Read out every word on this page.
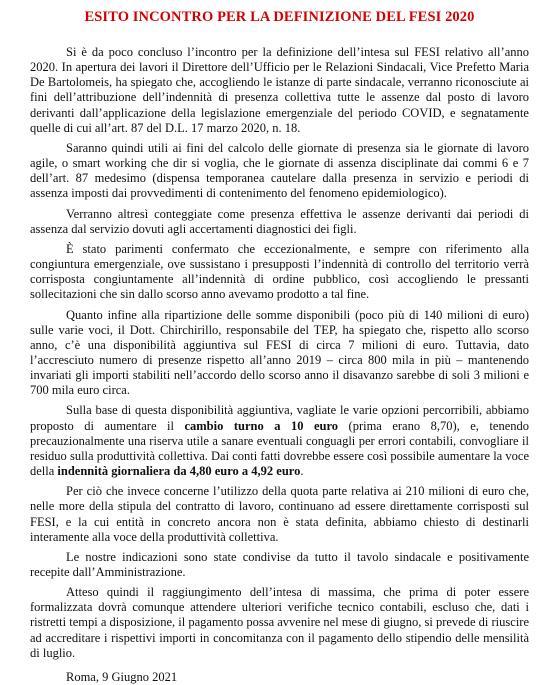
ESITO INCONTRO PER LA DEFINIZIONE DEL FESI 2020

Si è da poco concluso l’incontro per la definizione dell’intesa sul FESI relativo all’anno 2020. In apertura dei lavori il Direttore dell’Ufficio per le Relazioni Sindacali, Vice Prefetto Maria De Bartolomeis, ha spiegato che, accogliendo le istanze di parte sindacale, verranno riconosciute ai fini dell’attribuzione dell’indennità di presenza collettiva tutte le assenze dal posto di lavoro derivanti dall’applicazione della legislazione emergenziale del periodo COVID, e segnatamente quelle di cui all’art. 87 del D.L. 17 marzo 2020, n. 18.

Saranno quindi utili ai fini del calcolo delle giornate di presenza sia le giornate di lavoro agile, o smart working che dir si voglia, che le giornate di assenza disciplinate dai commi 6 e 7 dell’art. 87 medesimo (dispensa temporanea cautelare dalla presenza in servizio e periodi di assenza imposti dai provvedimenti di contenimento del fenomeno epidemiologico).

Verranno altresì conteggiate come presenza effettiva le assenze derivanti dai periodi di assenza dal servizio dovuti agli accertamenti diagnostici dei figli.

È stato parimenti confermato che eccezionalmente, e sempre con riferimento alla congiuntura emergenziale, ove sussistano i presupposti l’indennità di controllo del territorio verrà corrisposta congiuntamente all’indennità di ordine pubblico, così accogliendo le pressanti sollecitazioni che sin dallo scorso anno avevamo prodotto a tal fine.

Quanto infine alla ripartizione delle somme disponibili (poco più di 140 milioni di euro) sulle varie voci, il Dott. Chirchirillo, responsabile del TEP, ha spiegato che, rispetto allo scorso anno, c’è una disponibilità aggiuntiva sul FESI di circa 7 milioni di euro. Tuttavia, dato l’accresciuto numero di presenze rispetto all’anno 2019 – circa 800 mila in più – mantenendo invariati gli importi stabiliti nell’accordo dello scorso anno il disavanzo sarebbe di soli 3 milioni e 700 mila euro circa.

Sulla base di questa disponibilità aggiuntiva, vagliate le varie opzioni percorribili, abbiamo proposto di aumentare il cambio turno a 10 euro (prima erano 8,70), e, tenendo precauzionalmente una riserva utile a sanare eventuali conguagli per errori contabili, convogliare il residuo sulla produttività collettiva. Dai conti fatti dovrebbe essere così possibile aumentare la voce della indennità giornaliera da 4,80 euro a 4,92 euro.

Per ciò che invece concerne l’utilizzo della quota parte relativa ai 210 milioni di euro che, nelle more della stipula del contratto di lavoro, continuano ad essere direttamente corrisposti sul FESI, e la cui entità in concreto ancora non è stata definita, abbiamo chiesto di destinarli interamente alla voce della produttività collettiva.

Le nostre indicazioni sono state condivise da tutto il tavolo sindacale e positivamente recepite dall’Amministrazione.

Atteso quindi il raggiungimento dell’intesa di massima, che prima di poter essere formalizzata dovrà comunque attendere ulteriori verifiche tecnico contabili, escluso che, dati i ristretti tempi a disposizione, il pagamento possa avvenire nel mese di giugno, si prevede di riuscire ad accreditare i rispettivi importi in concomitanza con il pagamento dello stipendio delle mensilità di luglio.

Roma, 9 Giugno 2021
